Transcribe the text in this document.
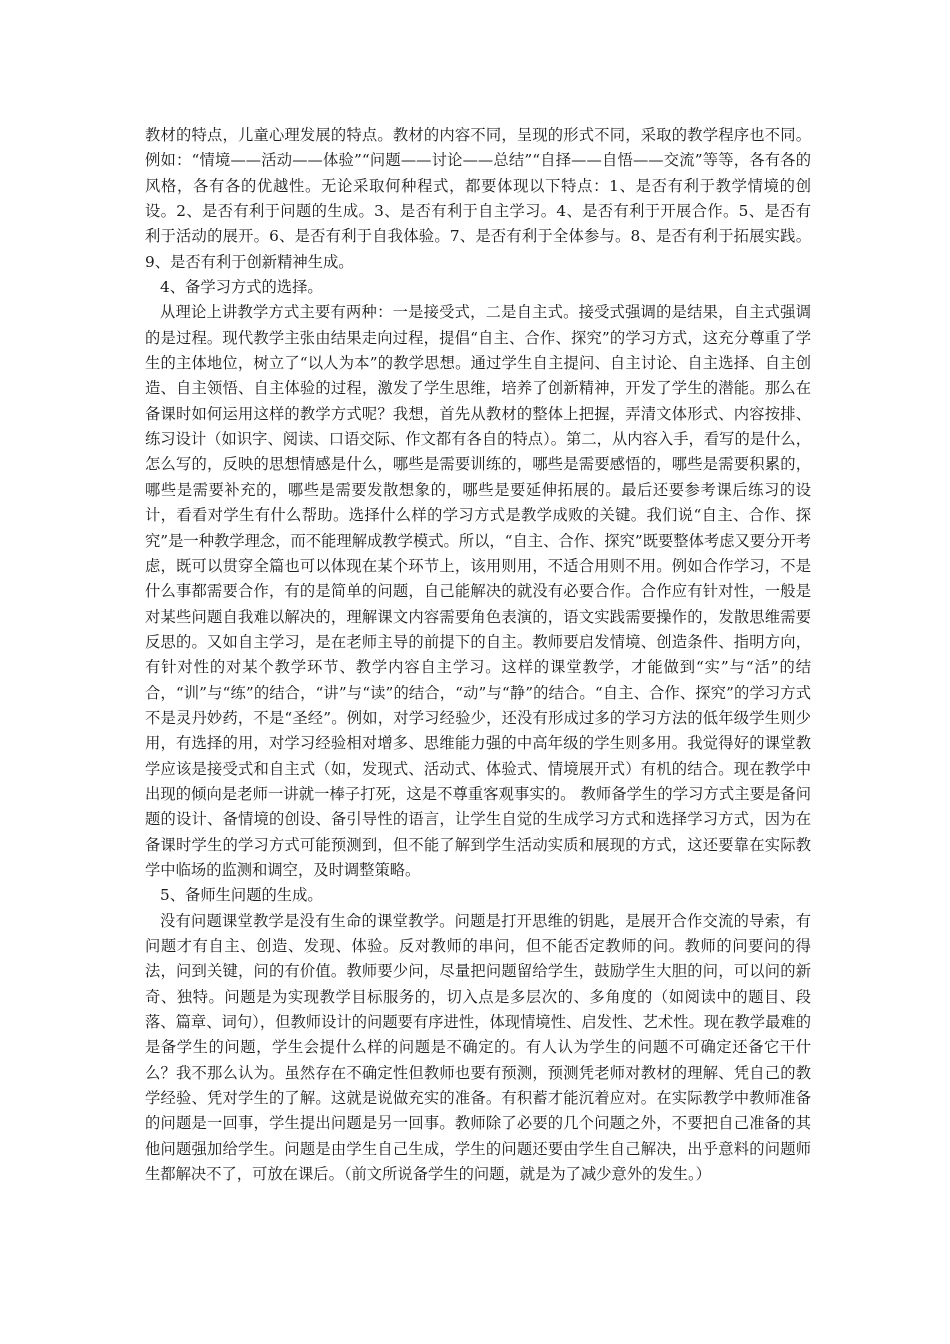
教材的特点，儿童心理发展的特点。教材的内容不同，呈现的形式不同，采取的教学程序也不同。例如：“情境——活动——体验”“问题——讨论——总结”“自择——自悟——交流”等等，各有各的风格，各有各的优越性。无论采取何种程式，都要体现以下特点：1、是否有利于教学情境的创设。2、是否有利于问题的生成。3、是否有利于自主学习。4、是否有利于开展合作。5、是否有利于活动的展开。6、是否有利于自我体验。7、是否有利于全体参与。8、是否有利于拓展实践。9、是否有利于创新精神生成。

4、备学习方式的选择。

从理论上讲教学方式主要有两种：一是接受式，二是自主式。接受式强调的是结果，自主式强调的是过程。现代教学主张由结果走向过程，提倡“自主、合作、探究”的学习方式，这充分尊重了学生的主体地位，树立了“以人为本”的教学思想。通过学生自主提问、自主讨论、自主选择、自主创造、自主领悟、自主体验的过程，激发了学生思维，培养了创新精神，开发了学生的潜能。那么在备课时如何运用这样的教学方式呢？我想，首先从教材的整体上把握，弄清文体形式、内容按排、练习设计（如识字、阅读、口语交际、作文都有各自的特点）。第二，从内容入手，看写的是什么，怎么写的，反映的思想情感是什么，哪些是需要训练的，哪些是需要感悟的，哪些是需要积累的，哪些是需要补充的，哪些是需要发散想象的，哪些是要延伸拓展的。最后还要参考课后练习的设计，看看对学生有什么帮助。选择什么样的学习方式是教学成败的关键。我们说“自主、合作、探究”是一种教学理念，而不能理解成教学模式。所以，“自主、合作、探究”既要整体考虑又要分开考虑，既可以贯穿全篇也可以体现在某个环节上，该用则用，不适合用则不用。例如合作学习，不是什么事都需要合作，有的是简单的问题，自己能解决的就没有必要合作。合作应有针对性，一般是对某些问题自我难以解决的，理解课文内容需要角色表演的，语文实践需要操作的，发散思维需要反思的。又如自主学习，是在老师主导的前提下的自主。教师要启发情境、创造条件、指明方向，有针对性的对某个教学环节、教学内容自主学习。这样的课堂教学，才能做到“实”与“活”的结合，“训”与“练”的结合，“讲”与“读”的结合，“动”与“静”的结合。“自主、合作、探究”的学习方式不是灵丹妙药，不是“圣经”。例如，对学习经验少，还没有形成过多的学习方法的低年级学生则少用，有选择的用，对学习经验相对增多、思维能力强的中高年级的学生则多用。我觉得好的课堂教学应该是接受式和自主式（如，发现式、活动式、体验式、情境展开式）有机的结合。现在教学中出现的倾向是老师一讲就一棒子打死，这是不尊重客观事实的。 教师备学生的学习方式主要是备问题的设计、备情境的创设、备引导性的语言，让学生自觉的生成学习方式和选择学习方式，因为在备课时学生的学习方式可能预测到，但不能了解到学生活动实质和展现的方式，这还要靠在实际教学中临场的监测和调空，及时调整策略。

5、备师生问题的生成。

没有问题课堂教学是没有生命的课堂教学。问题是打开思维的钥匙，是展开合作交流的导索，有问题才有自主、创造、发现、体验。反对教师的串问，但不能否定教师的问。教师的问要问的得法，问到关键，问的有价值。教师要少问，尽量把问题留给学生，鼓励学生大胆的问，可以问的新奇、独特。问题是为实现教学目标服务的，切入点是多层次的、多角度的（如阅读中的题目、段落、篇章、词句），但教师设计的问题要有序进性，体现情境性、启发性、艺术性。现在教学最难的是备学生的问题，学生会提什么样的问题是不确定的。有人认为学生的问题不可确定还备它干什么？我不那么认为。虽然存在不确定性但教师也要有预测，预测凭老师对教材的理解、凭自己的教学经验、凭对学生的了解。这就是说做充实的准备。有积蓄才能沉着应对。在实际教学中教师准备的问题是一回事，学生提出问题是另一回事。教师除了必要的几个问题之外，不要把自己准备的其他问题强加给学生。问题是由学生自己生成，学生的问题还要由学生自己解决，出乎意料的问题师生都解决不了，可放在课后。（前文所说备学生的问题，就是为了减少意外的发生。）
